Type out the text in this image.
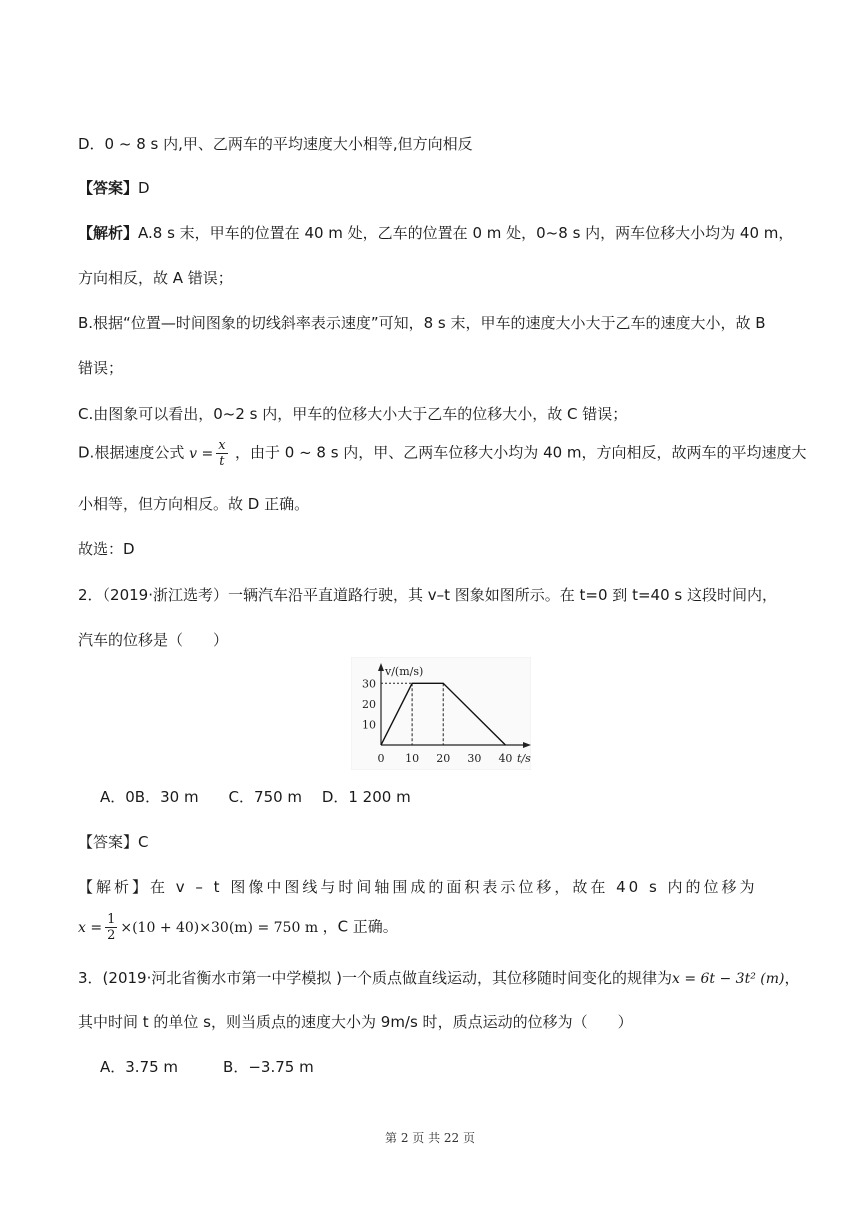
D．0 ~ 8 s 内,甲、乙两车的平均速度大小相等,但方向相反
【答案】D
【解析】A.8 s 末，甲车的位置在 40 m 处，乙车的位置在 0 m 处，0~8 s 内，两车位移大小均为 40 m，
方向相反，故 A 错误；
B.根据“位置—时间图象的切线斜率表示速度”可知，8 s 末，甲车的速度大小大于乙车的速度大小，故 B
错误；
C.由图象可以看出，0~2 s 内，甲车的位移大小大于乙车的位移大小，故 C 错误；
D.根据速度公式 $v = \frac{x}{t}$ ，由于 0 ~ 8 s 内，甲、乙两车位移大小均为 40 m，方向相反，故两车的平均速度大
小相等，但方向相反。故 D 正确。
故选：D
2．（2019·浙江选考）一辆汽车沿平直道路行驶，其 v–t 图象如图所示。在 t=0 到 t=40 s 这段时间内，
汽车的位移是（　　）
v/(m/s)
t/s
0 10 20 30 40
10
20
30
A．0B．30 m　　C．750 m　 D．1 200 m
【答案】C
【解析】在 v – t 图像中图线与时间轴围成的面积表示位移，故在 40 s 内的位移为
$x = \frac{1}{2} \times(10 + 40)\times 30(m) = 750$ m ，C 正确。
3．(2019·河北省衡水市第一中学模拟 )一个质点做直线运动，其位移随时间变化的规律为x = 6t − 3t² (m)，
其中时间 t 的单位 s，则当质点的速度大小为 9m/s 时，质点运动的位移为（　　）
A．3.75 m　　　B．−3.75 m
第 2 页 共 22 页
